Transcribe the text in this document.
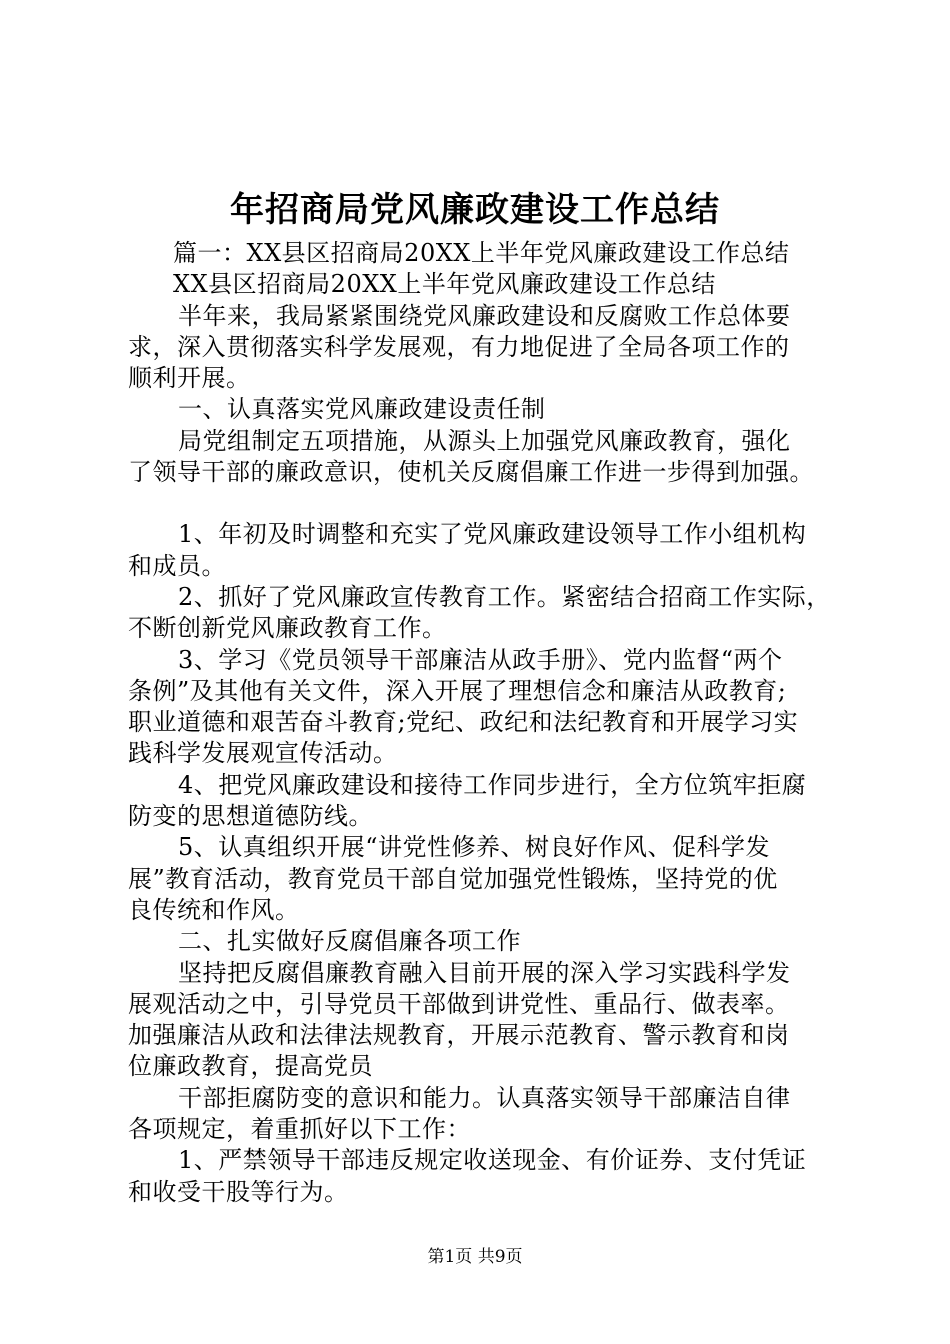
年招商局党风廉政建设工作总结
篇一：XX县区招商局20XX上半年党风廉政建设工作总结
XX县区招商局20XX上半年党风廉政建设工作总结
半年来，我局紧紧围绕党风廉政建设和反腐败工作总体要
求，深入贯彻落实科学发展观，有力地促进了全局各项工作的
顺利开展。
一、认真落实党风廉政建设责任制
局党组制定五项措施，从源头上加强党风廉政教育，强化
了领导干部的廉政意识，使机关反腐倡廉工作进一步得到加强。
1、年初及时调整和充实了党风廉政建设领导工作小组机构
和成员。
2、抓好了党风廉政宣传教育工作。紧密结合招商工作实际，
不断创新党风廉政教育工作。
3、学习《党员领导干部廉洁从政手册》、党内监督“两个
条例”及其他有关文件，深入开展了理想信念和廉洁从政教育;
职业道德和艰苦奋斗教育;党纪、政纪和法纪教育和开展学习实
践科学发展观宣传活动。
4、把党风廉政建设和接待工作同步进行，全方位筑牢拒腐
防变的思想道德防线。
5、认真组织开展“讲党性修养、树良好作风、促科学发
展”教育活动，教育党员干部自觉加强党性锻炼，坚持党的优
良传统和作风。
二、扎实做好反腐倡廉各项工作
坚持把反腐倡廉教育融入目前开展的深入学习实践科学发
展观活动之中，引导党员干部做到讲党性、重品行、做表率。
加强廉洁从政和法律法规教育，开展示范教育、警示教育和岗
位廉政教育，提高党员
干部拒腐防变的意识和能力。认真落实领导干部廉洁自律
各项规定，着重抓好以下工作：
1、严禁领导干部违反规定收送现金、有价证券、支付凭证
和收受干股等行为。
第1页 共9页
